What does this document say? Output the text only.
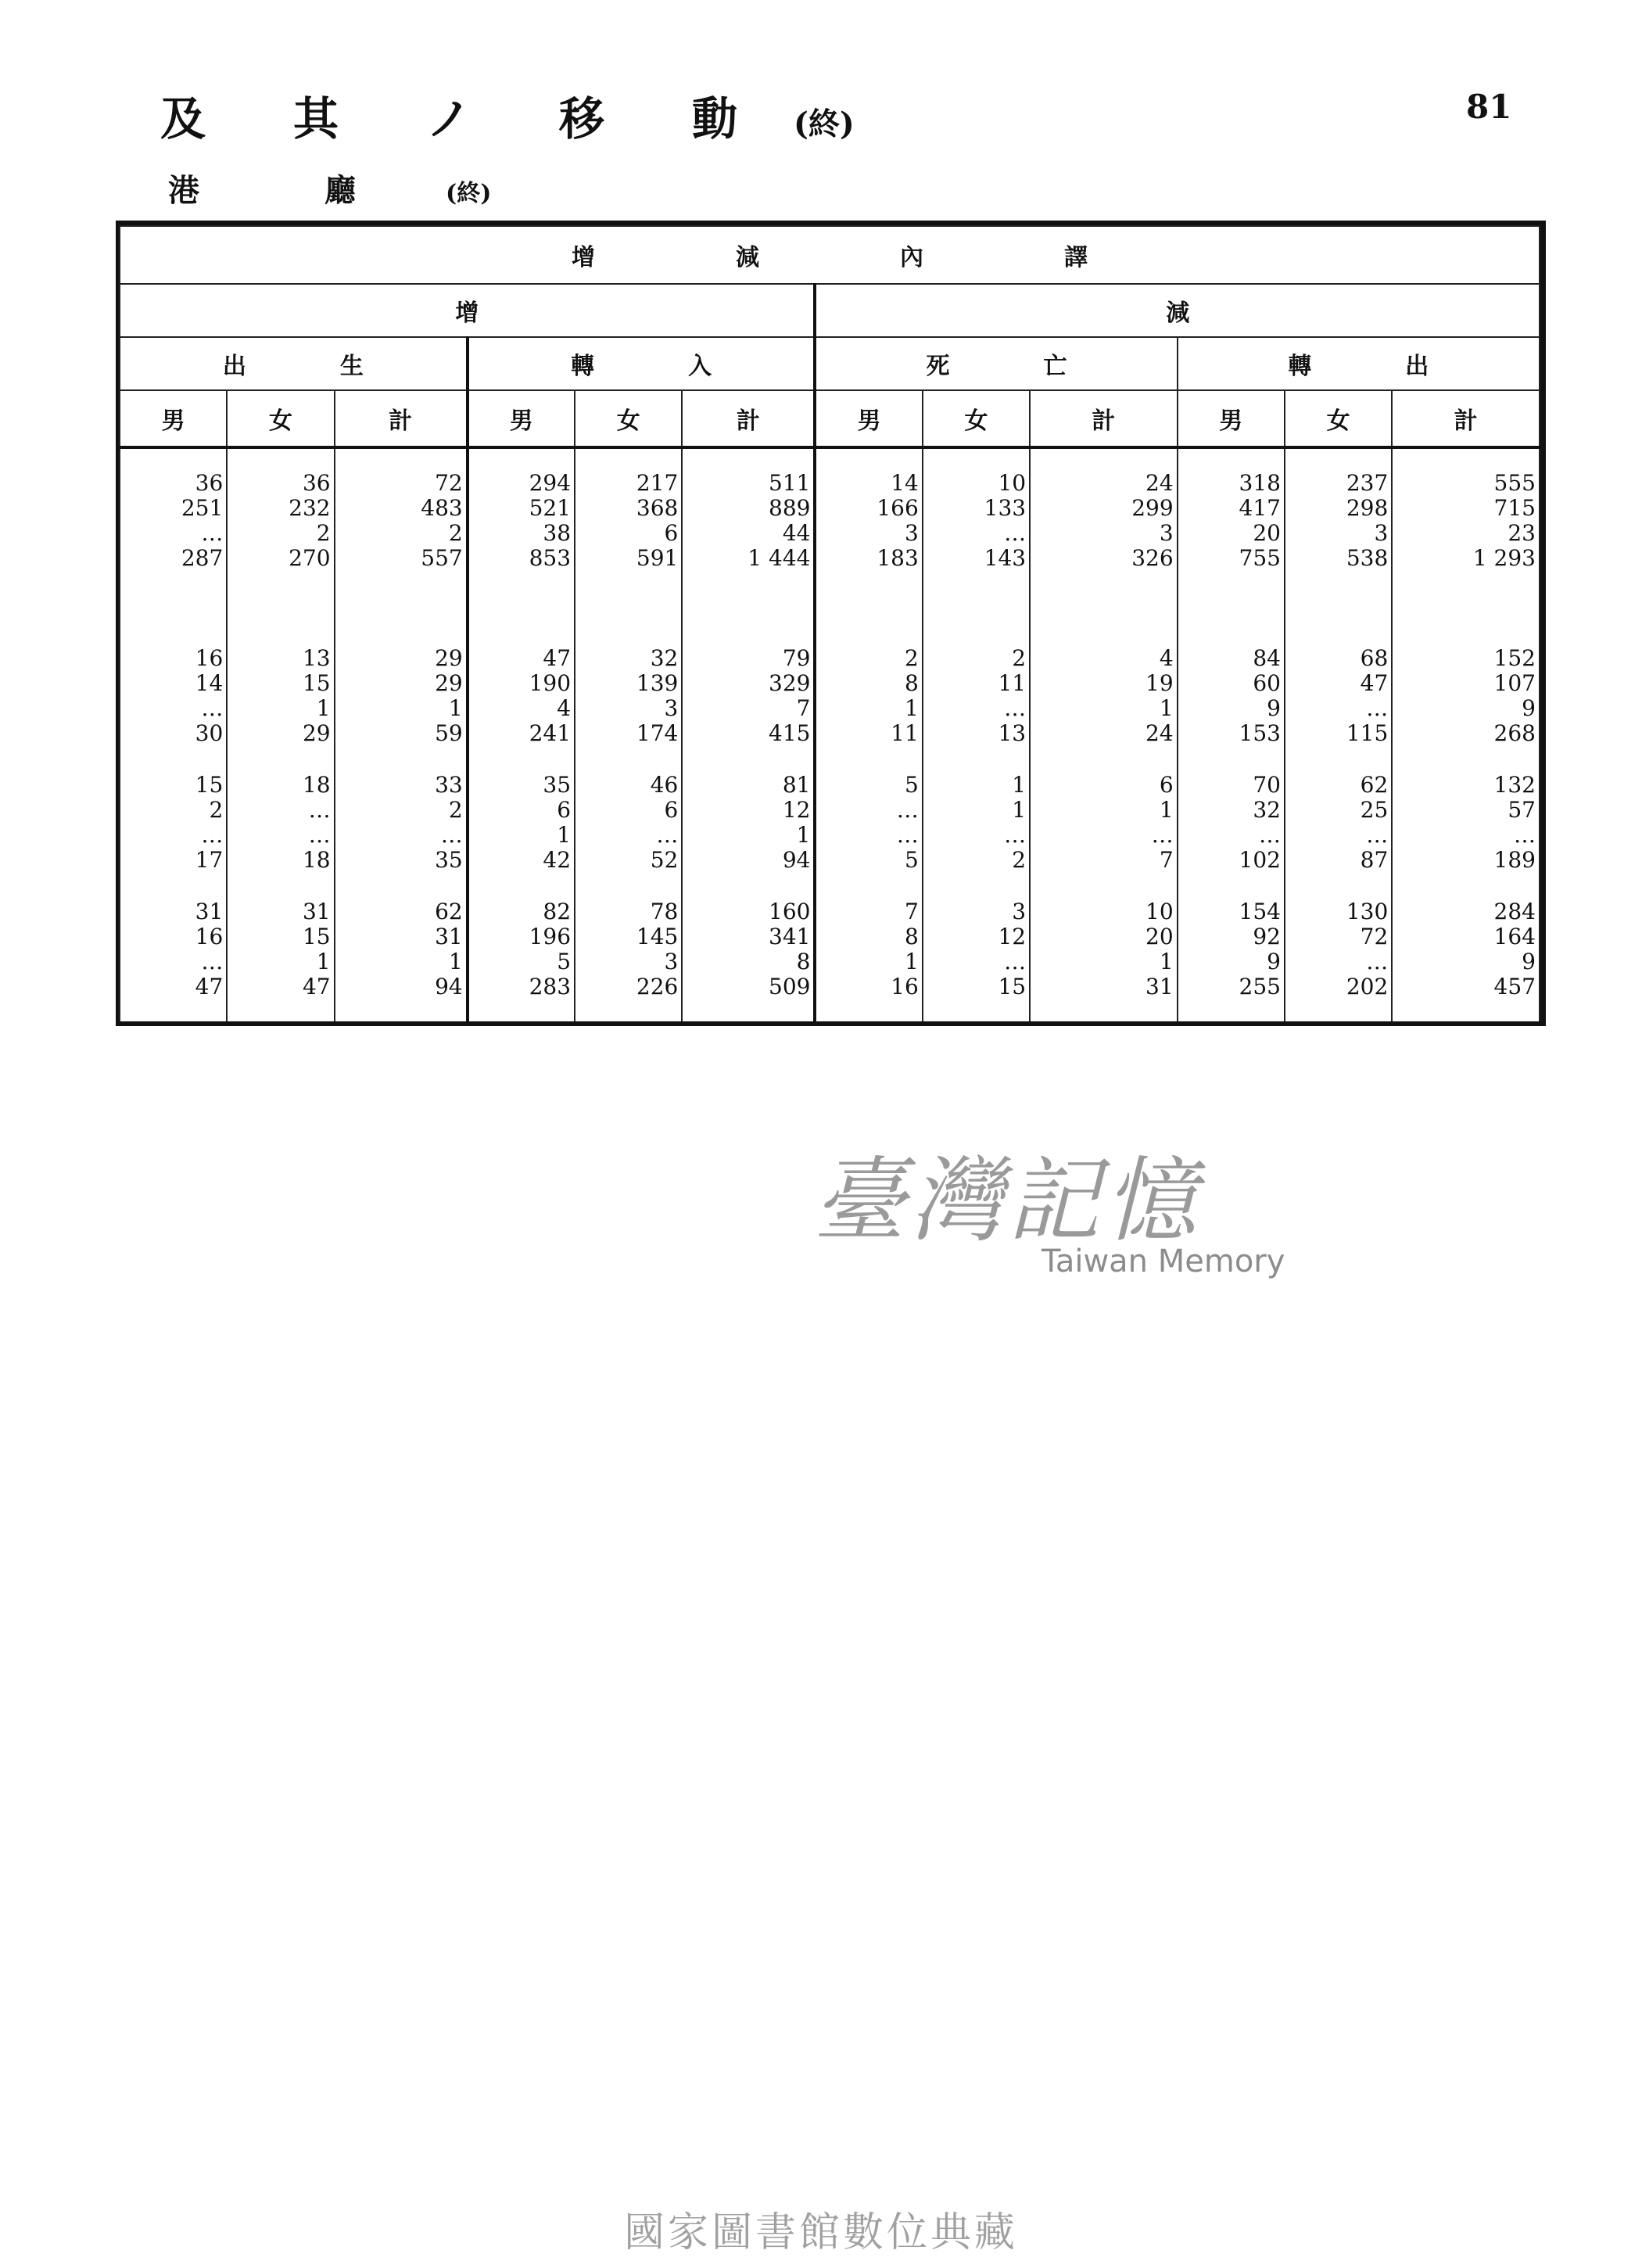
及	其	ノ	移	動	(終)	81
港	廳	(終)
增減內譯											
增						減					
出生			轉入			死亡			轉出		
男	女	計	男	女	計	男	女	計	男	女	計

36	36	72	294	217	511	14	10	24	318	237	555
251	232	483	521	368	889	166	133	299	417	298	715
…	2	2	38	6	44	3	…	3	20	3	23
287	270	557	853	591	1 444	183	143	326	755	538	1 293

16	13	29	47	32	79	2	2	4	84	68	152
14	15	29	190	139	329	8	11	19	60	47	107
…	1	1	4	3	7	1	…	1	9	…	9
30	29	59	241	174	415	11	13	24	153	115	268

15	18	33	35	46	81	5	1	6	70	62	132
2	…	2	6	6	12	…	1	1	32	25	57
…	…	…	1	…	1	…	…	…	…	…	…
17	18	35	42	52	94	5	2	7	102	87	189

31	31	62	82	78	160	7	3	10	154	130	284
16	15	31	196	145	341	8	12	20	92	72	164
…	1	1	5	3	8	1	…	1	9	…	9
47	47	94	283	226	509	16	15	31	255	202	457

臺灣記憶
Taiwan Memory
國家圖書館數位典藏
